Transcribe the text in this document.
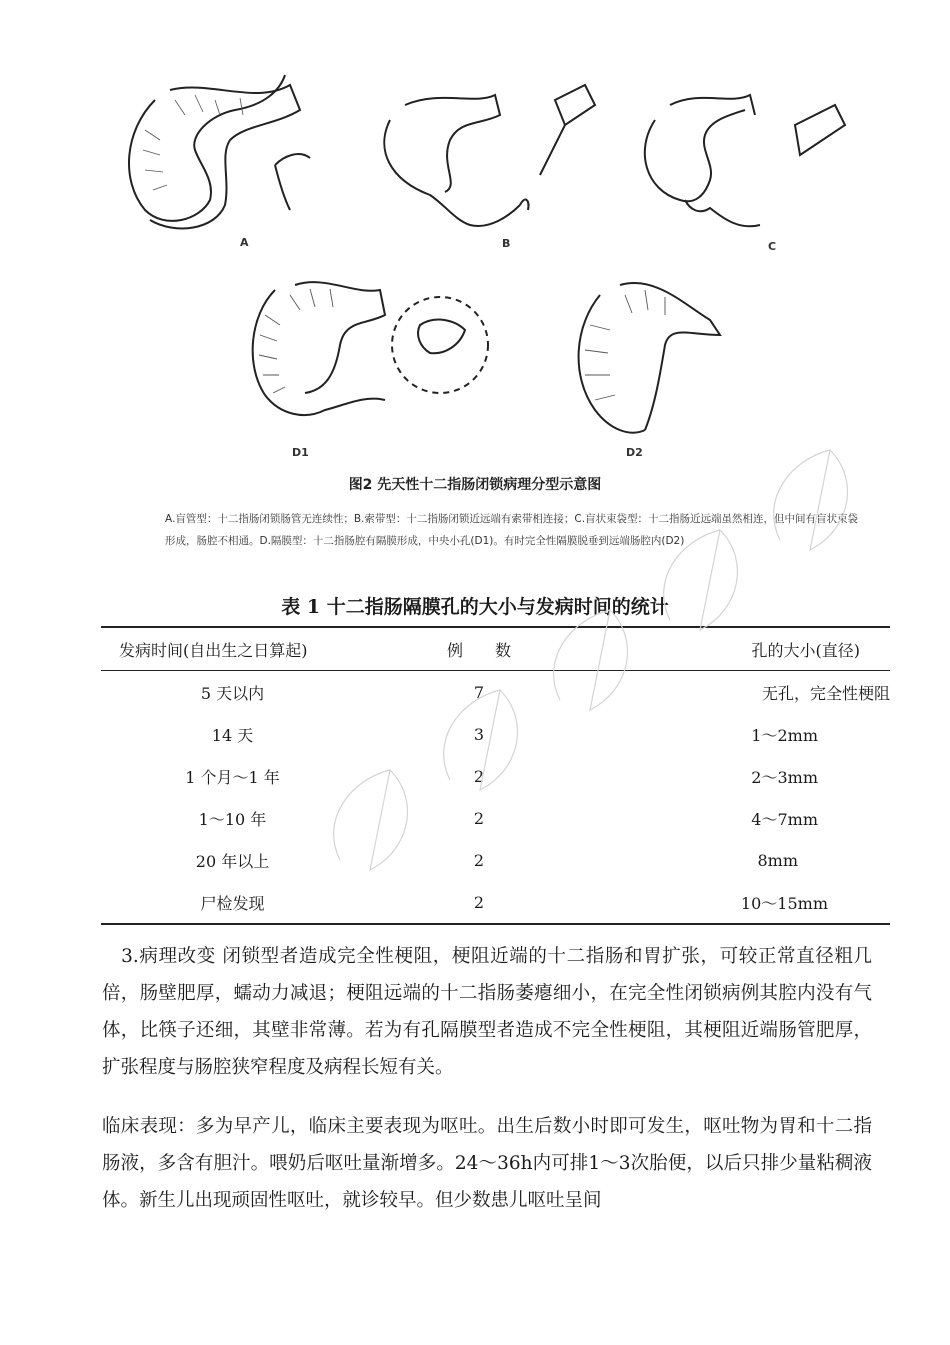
A	B	C
D1	D2
图2 先天性十二指肠闭锁病理分型示意图
A.盲管型：十二指肠闭锁肠管无连续性；B.索带型：十二指肠闭锁近远端有索带相连接；C.盲状束袋型：十二指肠近远端虽然相连，但中间有盲状束袋形成，肠腔不相通。D.隔膜型：十二指肠腔有隔膜形成，中央小孔(D1)。有时完全性隔膜脱垂到远端肠腔内(D2)
表 1 十二指肠隔膜孔的大小与发病时间的统计
发病时间(自出生之日算起)	例　　数	孔的大小(直径)
5 天以内	7	无孔，完全性梗阻
14 天	3	1～2mm
1 个月～1 年	2	2～3mm
1～10 年	2	4～7mm
20 年以上	2	8mm
尸检发现	2	10～15mm
　3.病理改变 闭锁型者造成完全性梗阻，梗阻近端的十二指肠和胃扩张，可较正常直径粗几倍，肠壁肥厚，蠕动力减退；梗阻远端的十二指肠萎瘪细小，在完全性闭锁病例其腔内没有气体，比筷子还细，其壁非常薄。若为有孔隔膜型者造成不完全性梗阻，其梗阻近端肠管肥厚，扩张程度与肠腔狭窄程度及病程长短有关。
临床表现：多为早产儿，临床主要表现为呕吐。出生后数小时即可发生，呕吐物为胃和十二指肠液，多含有胆汁。喂奶后呕吐量渐增多。24～36h内可排1～3次胎便，以后只排少量粘稠液体。新生儿出现顽固性呕吐，就诊较早。但少数患儿呕吐呈间
